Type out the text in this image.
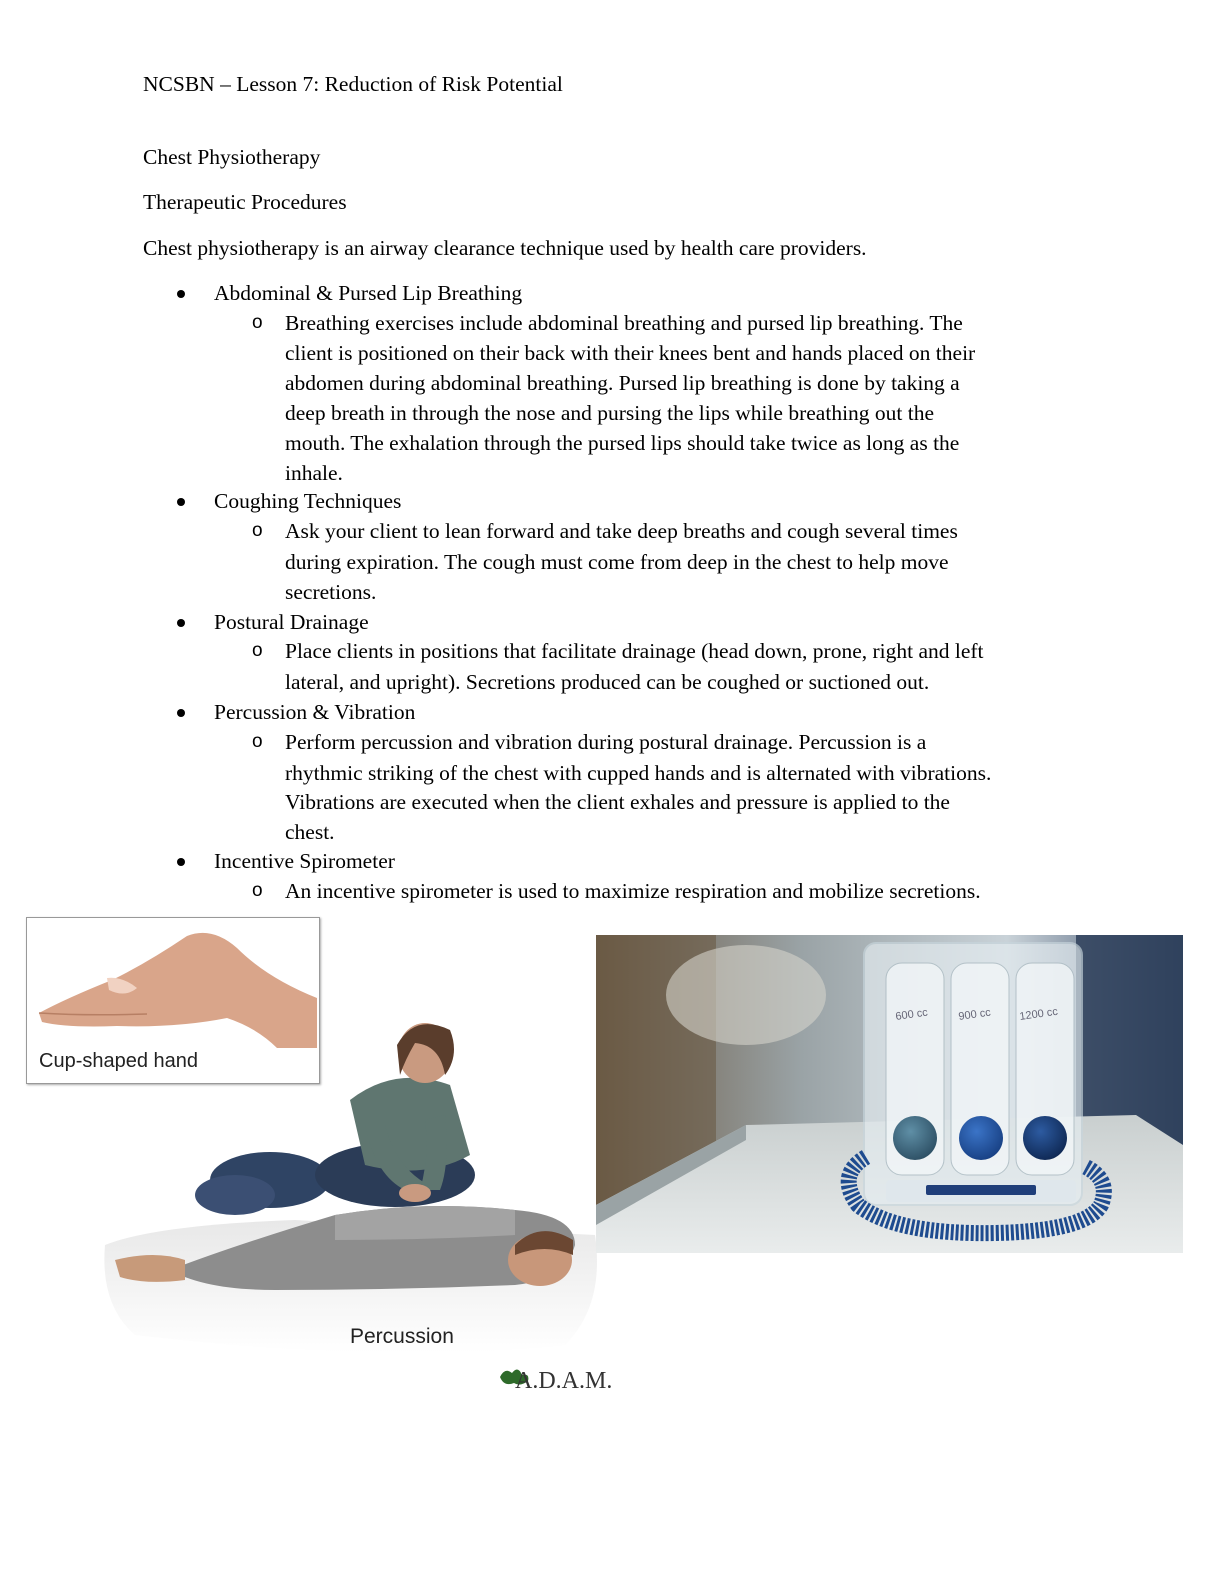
NCSBN – Lesson 7: Reduction of Risk Potential
Chest Physiotherapy
Therapeutic Procedures
Chest physiotherapy is an airway clearance technique used by health care providers.
Abdominal & Pursed Lip Breathing
o Breathing exercises include abdominal breathing and pursed lip breathing. The
client is positioned on their back with their knees bent and hands placed on their
abdomen during abdominal breathing. Pursed lip breathing is done by taking a
deep breath in through the nose and pursing the lips while breathing out the
mouth. The exhalation through the pursed lips should take twice as long as the
inhale.
Coughing Techniques
o Ask your client to lean forward and take deep breaths and cough several times
during expiration. The cough must come from deep in the chest to help move
secretions.
Postural Drainage
o Place clients in positions that facilitate drainage (head down, prone, right and left
lateral, and upright). Secretions produced can be coughed or suctioned out.
Percussion & Vibration
o Perform percussion and vibration during postural drainage. Percussion is a
rhythmic striking of the chest with cupped hands and is alternated with vibrations.
Vibrations are executed when the client exhales and pressure is applied to the
chest.
Incentive Spirometer
o An incentive spirometer is used to maximize respiration and mobilize secretions.
Percussion
A.D.A.M.
Cup-shaped hand
600 cc	900 cc 1200 cc
